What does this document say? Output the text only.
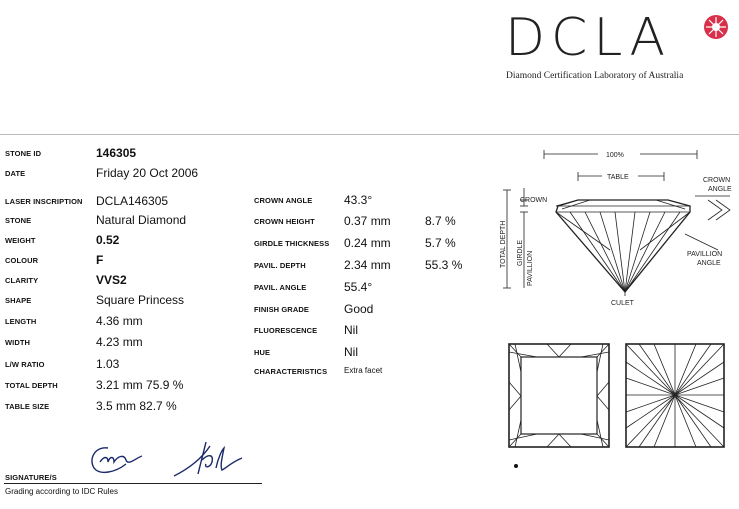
DCLA
Diamond Certification Laboratory of Australia
STONE ID	146305
DATE	Friday 20 Oct 2006
LASER INSCRIPTION DCLA146305
STONE	Natural Diamond
WEIGHT	0.52
COLOUR	F
CLARITY	VVS2
SHAPE	Square Princess
LENGTH	4.36 mm
WIDTH	4.23 mm
L/W RATIO	1.03
TOTAL DEPTH	3.21 mm 75.9 %
TABLE SIZE	3.5 mm 82.7 %
CROWN ANGLE	43.3°
CROWN HEIGHT 0.37 mm	8.7 %
GIRDLE THICKNESS 0.24 mm	5.7 %
PAVIL. DEPTH	2.34 mm	55.3 %
PAVIL. ANGLE	55.4°
FINISH GRADE	Good
FLUORESCENCE Nil
HUE	Nil
CHARACTERISTICS Extra facet
100%
TABLE
CROWN
CROWN
ANGLE
PAVILLION
ANGLE
CULET
TOTAL DEPTH GIRDLE PAVILLION
SIGNATURE/S
Grading according to IDC Rules
